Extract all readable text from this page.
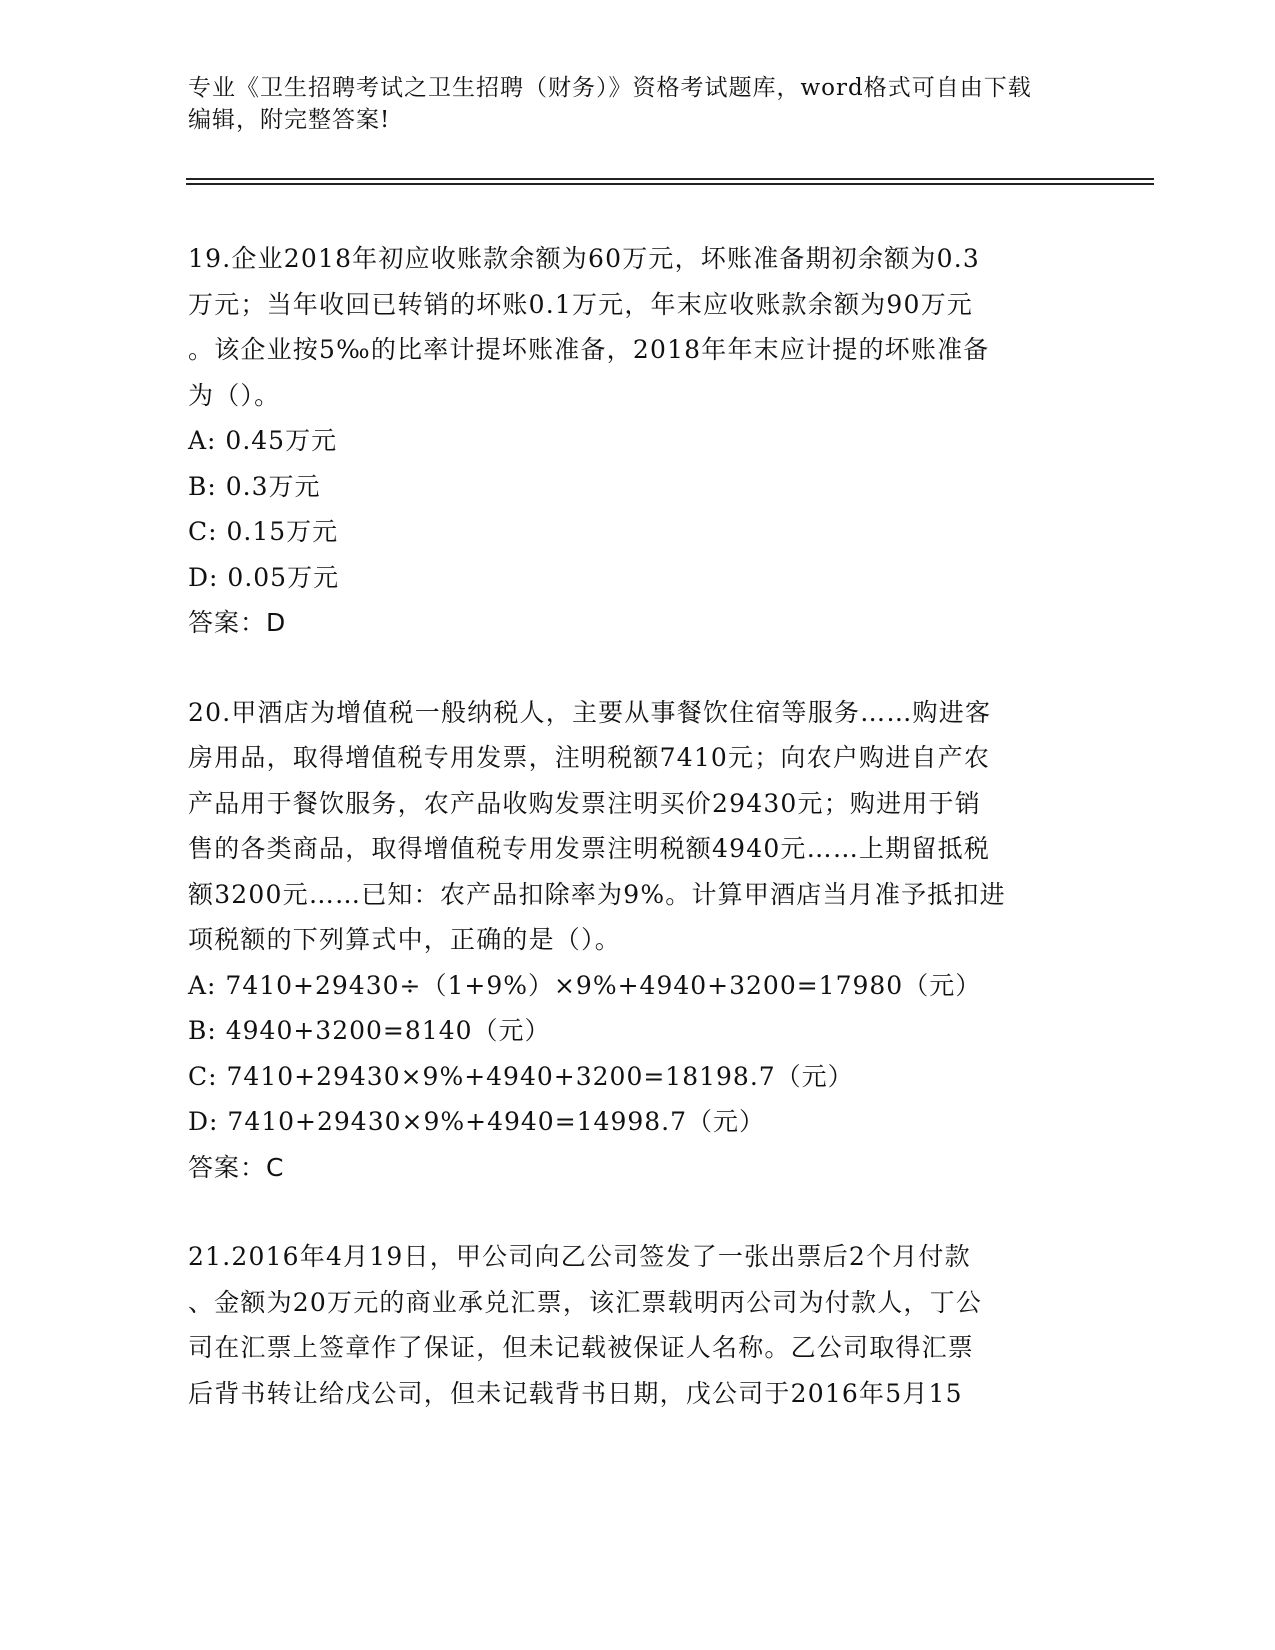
专业《卫生招聘考试之卫生招聘（财务）》资格考试题库，word格式可自由下载
编辑，附完整答案!

19.企业2018年初应收账款余额为60万元，坏账准备期初余额为0.3

万元；当年收回已转销的坏账0.1万元，年末应收账款余额为90万元

。该企业按5‰的比率计提坏账准备，2018年年末应计提的坏账准备

为（）。

A: 0.45万元

B: 0.3万元

C: 0.15万元

D: 0.05万元

答案：D

20.甲酒店为增值税一般纳税人，主要从事餐饮住宿等服务……购进客

房用品，取得增值税专用发票，注明税额7410元；向农户购进自产农

产品用于餐饮服务，农产品收购发票注明买价29430元；购进用于销

售的各类商品，取得增值税专用发票注明税额4940元……上期留抵税

额3200元……已知：农产品扣除率为9%。计算甲酒店当月准予抵扣进

项税额的下列算式中，正确的是（）。

A: 7410+29430÷（1+9%）×9%+4940+3200=17980（元）

B: 4940+3200=8140（元）

C: 7410+29430×9%+4940+3200=18198.7（元）

D: 7410+29430×9%+4940=14998.7（元）

答案：C

21.2016年4月19日，甲公司向乙公司签发了一张出票后2个月付款

、金额为20万元的商业承兑汇票，该汇票载明丙公司为付款人，丁公

司在汇票上签章作了保证，但未记载被保证人名称。乙公司取得汇票

后背书转让给戊公司，但未记载背书日期，戊公司于2016年5月15
